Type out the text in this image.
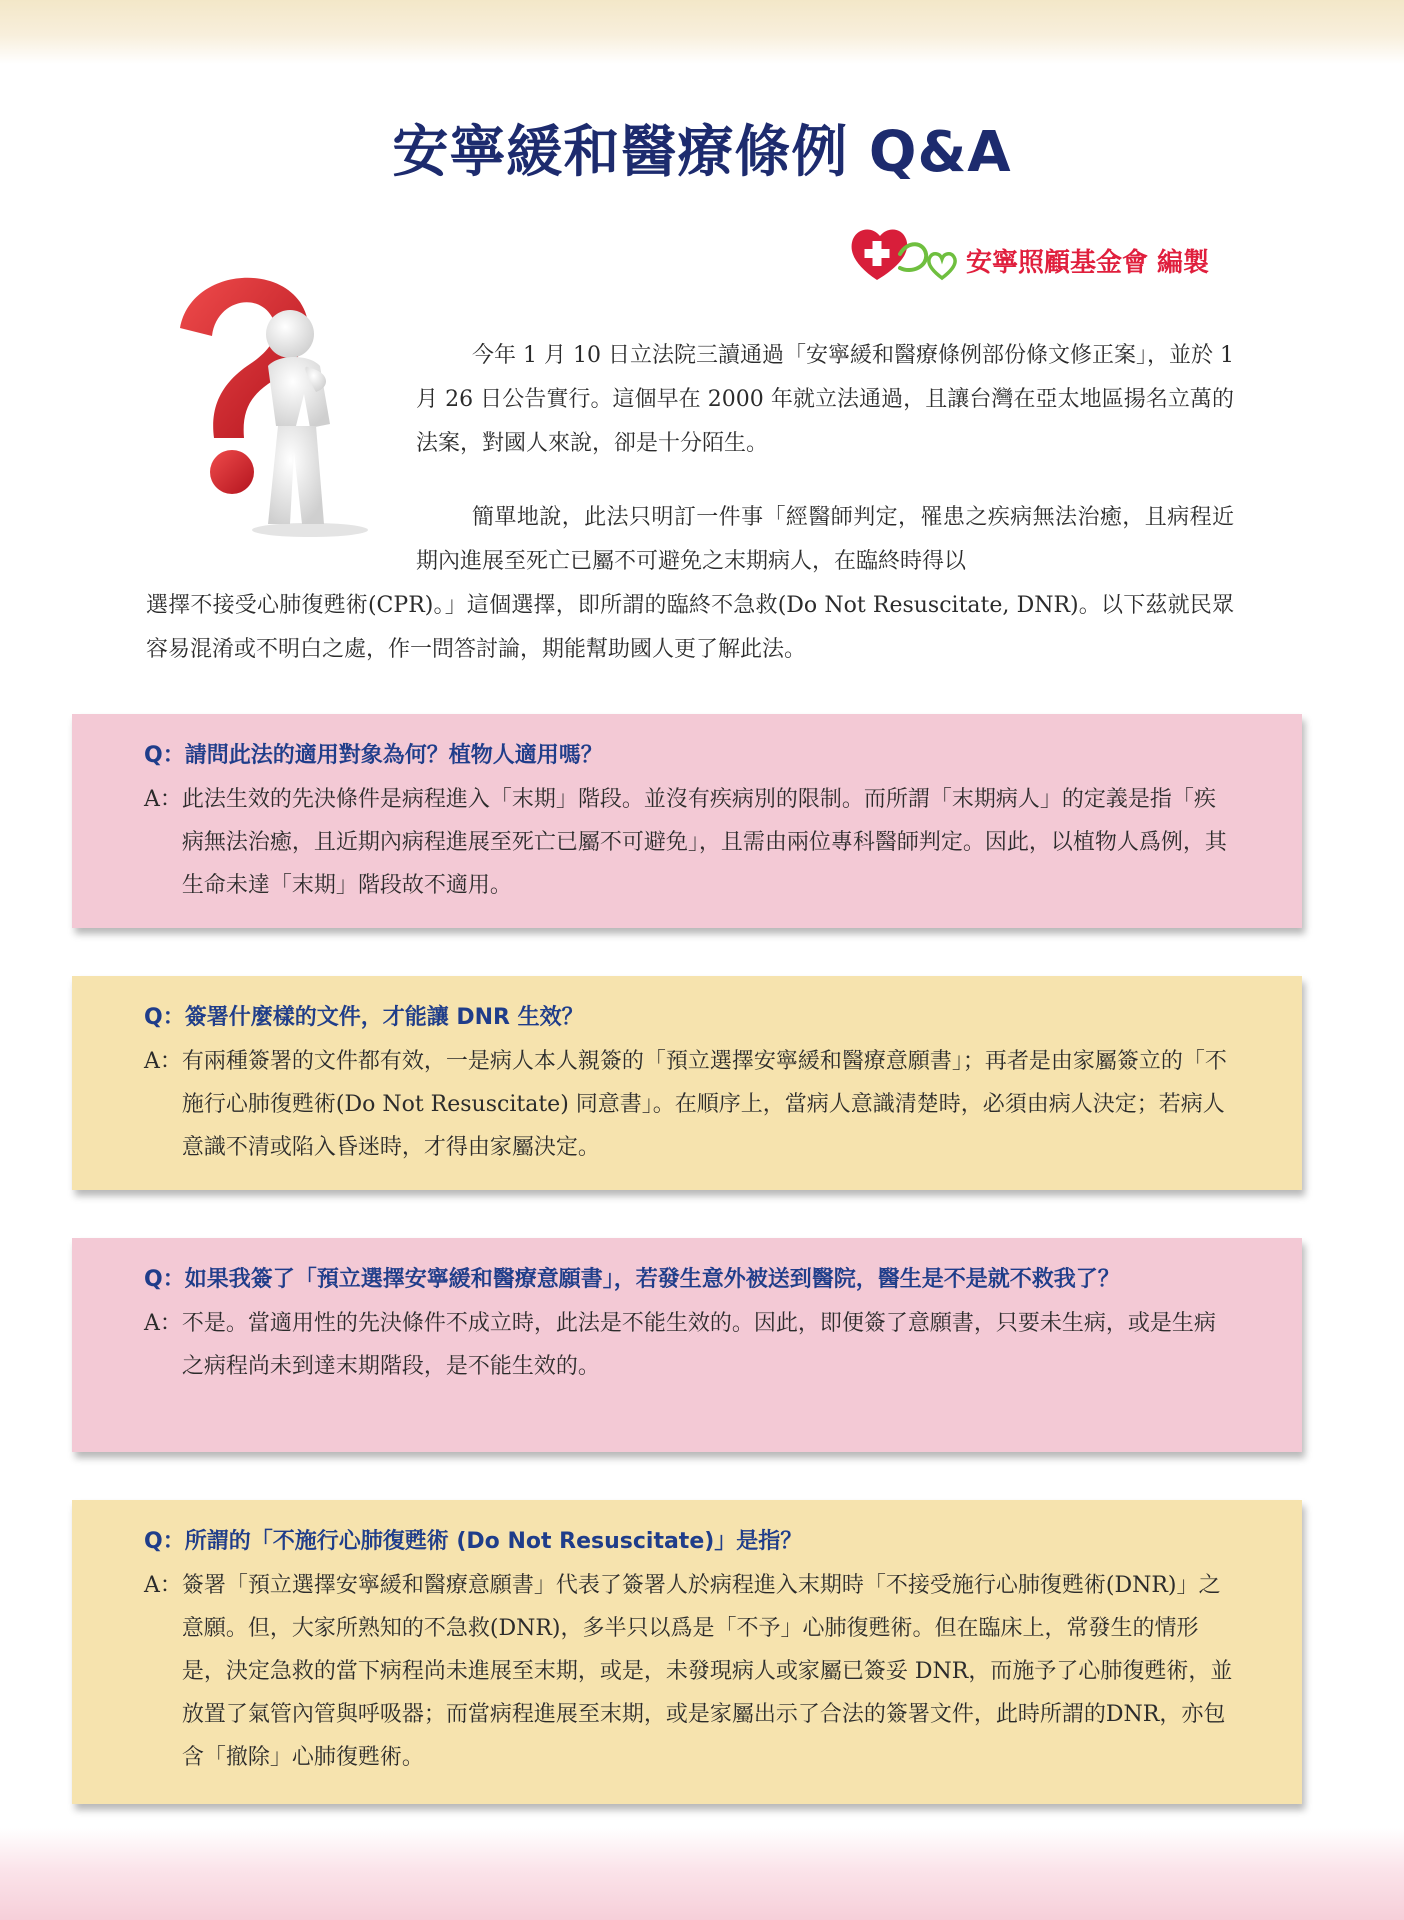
安寧緩和醫療條例 Q&A

安寧照顧基金會 編製

今年 1 月 10 日立法院三讀通過「安寧緩和醫療條例部份條文修正案」，並於 1 月 26 日公告實行。這個早在 2000 年就立法通過，且讓台灣在亞太地區揚名立萬的法案，對國人來說，卻是十分陌生。

簡單地說，此法只明訂一件事「經醫師判定，罹患之疾病無法治癒，且病程近期內進展至死亡已屬不可避免之末期病人，在臨終時得以

選擇不接受心肺復甦術(CPR)。」這個選擇，即所謂的臨終不急救(Do Not Resuscitate, DNR)。以下茲就民眾容易混淆或不明白之處，作一問答討論，期能幫助國人更了解此法。

Q： 請問此法的適用對象為何？植物人適用嗎？

A： 此法生效的先決條件是病程進入「末期」階段。並沒有疾病別的限制。而所謂「末期病人」的定義是指「疾病無法治癒，且近期內病程進展至死亡已屬不可避免」，且需由兩位專科醫師判定。因此，以植物人爲例，其生命未達「末期」階段故不適用。

Q： 簽署什麼樣的文件，才能讓 DNR 生效？

A： 有兩種簽署的文件都有效，一是病人本人親簽的「預立選擇安寧緩和醫療意願書」；再者是由家屬簽立的「不施行心肺復甦術(Do Not Resuscitate) 同意書」。在順序上，當病人意識清楚時，必須由病人決定；若病人意識不清或陷入昏迷時，才得由家屬決定。

Q： 如果我簽了「預立選擇安寧緩和醫療意願書」，若發生意外被送到醫院，醫生是不是就不救我了？

A： 不是。當適用性的先決條件不成立時，此法是不能生效的。因此，即便簽了意願書，只要未生病，或是生病之病程尚未到達末期階段，是不能生效的。

Q： 所謂的「不施行心肺復甦術 (Do Not Resuscitate)」是指？

A： 簽署「預立選擇安寧緩和醫療意願書」代表了簽署人於病程進入末期時「不接受施行心肺復甦術(DNR)」之意願。但，大家所熟知的不急救(DNR)，多半只以爲是「不予」心肺復甦術。但在臨床上，常發生的情形是，決定急救的當下病程尚未進展至末期，或是，未發現病人或家屬已簽妥 DNR，而施予了心肺復甦術，並放置了氣管內管與呼吸器；而當病程進展至末期，或是家屬出示了合法的簽署文件，此時所謂的DNR，亦包含「撤除」心肺復甦術。
